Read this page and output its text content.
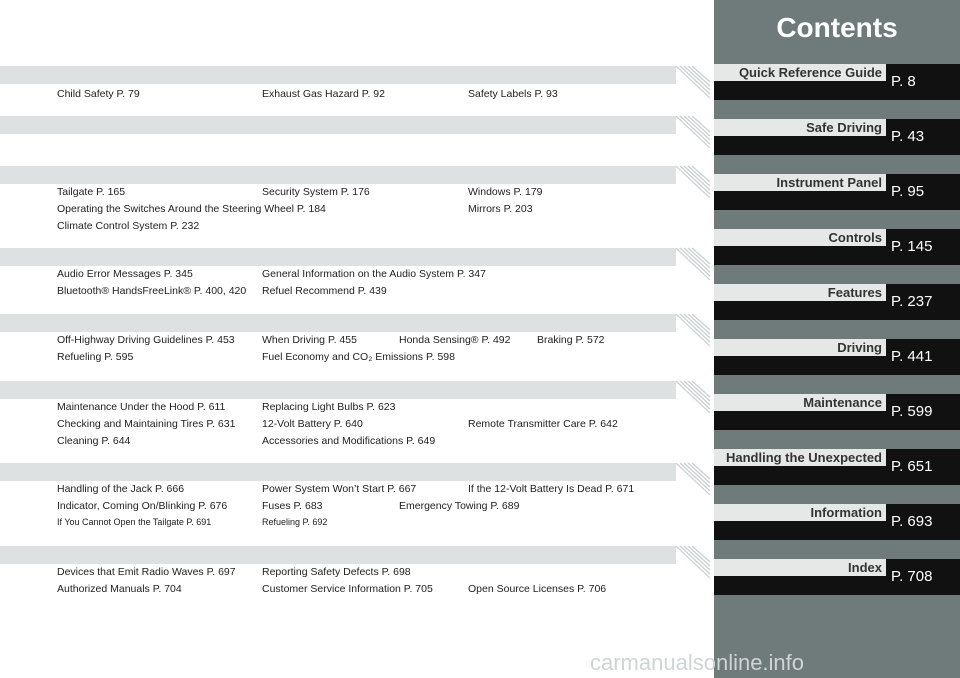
Child Safety P. 79	Exhaust Gas Hazard P. 92	Safety Labels P. 93
Tailgate P. 165	Security System P. 176	Windows P. 179
Operating the Switches Around the Steering Wheel P. 184	Mirrors P. 203
Climate Control System P. 232
Audio Error Messages P. 345	General Information on the Audio System P. 347
Bluetooth® HandsFreeLink® P. 400, 420 Refuel Recommend P. 439
Off-Highway Driving Guidelines P. 453	When Driving P. 455	Honda Sensing® P. 492	Braking P. 572
Refueling P. 595	Fuel Economy and CO₂ Emissions P. 598
Maintenance Under the Hood P. 611	Replacing Light Bulbs P. 623
Checking and Maintaining Tires P. 631	12-Volt Battery P. 640	Remote Transmitter Care P. 642
Cleaning P. 644	Accessories and Modifications P. 649
Handling of the Jack P. 666	Power System Won’t Start P. 667	If the 12-Volt Battery Is Dead P. 671
Indicator, Coming On/Blinking P. 676	Fuses P. 683	Emergency Towing P. 689
If You Cannot Open the Tailgate P. 691	Refueling P. 692
Devices that Emit Radio Waves P. 697	Reporting Safety Defects P. 698
Authorized Manuals P. 704	Customer Service Information P. 705	Open Source Licenses P. 706
Contents
Quick Reference Guide
P. 8
Safe Driving
P. 43
Instrument Panel
P. 95
Controls
P. 145
Features
P. 237
Driving
P. 441
Maintenance
P. 599
Handling the Unexpected
P. 651
Information
P. 693
Index
P. 708
carmanualsonline.info
